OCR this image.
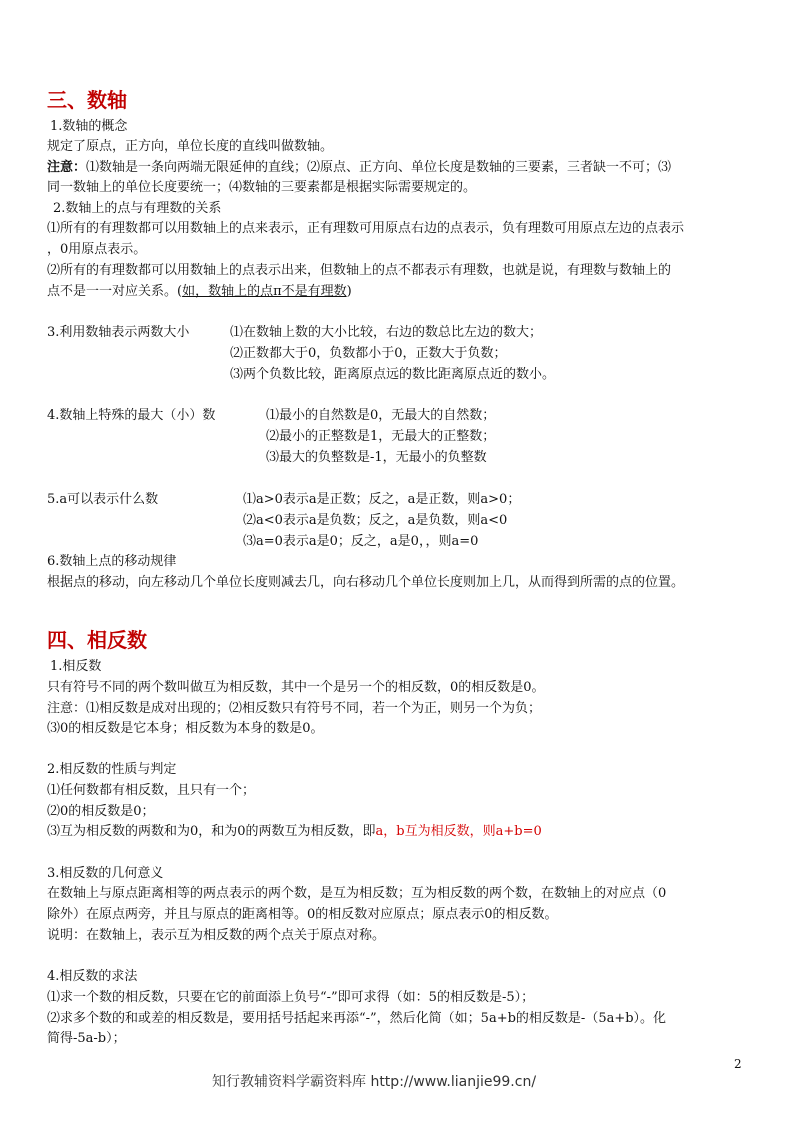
三、数轴
1.数轴的概念
规定了原点，正方向，单位长度的直线叫做数轴。
注意：⑴数轴是一条向两端无限延伸的直线；⑵原点、正方向、单位长度是数轴的三要素，三者缺一不可；⑶
同一数轴上的单位长度要统一；⑷数轴的三要素都是根据实际需要规定的。
2.数轴上的点与有理数的关系
⑴所有的有理数都可以用数轴上的点来表示，正有理数可用原点右边的点表示，负有理数可用原点左边的点表示
，0用原点表示。
⑵所有的有理数都可以用数轴上的点表示出来，但数轴上的点不都表示有理数，也就是说，有理数与数轴上的
点不是一一对应关系。(如，数轴上的点π不是有理数)
3.利用数轴表示两数大小	⑴在数轴上数的大小比较，右边的数总比左边的数大；
⑵正数都大于0，负数都小于0，正数大于负数；
⑶两个负数比较，距离原点远的数比距离原点近的数小。
4.数轴上特殊的最大（小）数	⑴最小的自然数是0，无最大的自然数；
⑵最小的正整数是1，无最大的正整数；
⑶最大的负整数是-1，无最小的负整数
5.a可以表示什么数	⑴a>0表示a是正数；反之，a是正数，则a>0；
⑵a<0表示a是负数；反之，a是负数，则a<0
⑶a=0表示a是0；反之，a是0，，则a=0
6.数轴上点的移动规律
根据点的移动，向左移动几个单位长度则减去几，向右移动几个单位长度则加上几，从而得到所需的点的位置。
四、相反数
1.相反数
只有符号不同的两个数叫做互为相反数，其中一个是另一个的相反数，0的相反数是0。
注意：⑴相反数是成对出现的；⑵相反数只有符号不同，若一个为正，则另一个为负；
⑶0的相反数是它本身；相反数为本身的数是0。
2.相反数的性质与判定
⑴任何数都有相反数，且只有一个；
⑵0的相反数是0；
⑶互为相反数的两数和为0，和为0的两数互为相反数，即a，b互为相反数，则a+b=0
3.相反数的几何意义
在数轴上与原点距离相等的两点表示的两个数，是互为相反数；互为相反数的两个数，在数轴上的对应点（0
除外）在原点两旁，并且与原点的距离相等。0的相反数对应原点；原点表示0的相反数。
说明：在数轴上，表示互为相反数的两个点关于原点对称。
4.相反数的求法
⑴求一个数的相反数，只要在它的前面添上负号“-”即可求得（如：5的相反数是-5）；
⑵求多个数的和或差的相反数是，要用括号括起来再添“-”，然后化简（如；5a+b的相反数是-（5a+b）。化
简得-5a-b）；
2
知行教辅资料学霸资料库 http://www.lianjie99.cn/
